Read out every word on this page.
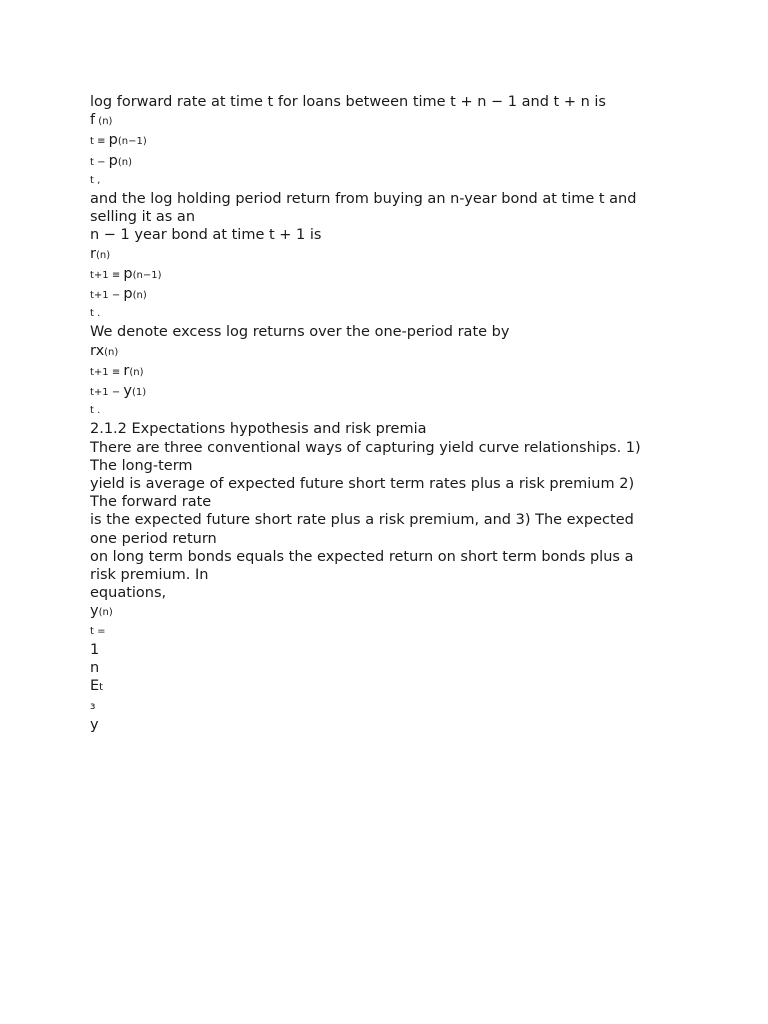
log forward rate at time t for loans between time t + n − 1 and t + n is
f (n)
t ≡ p(n−1)
t − p(n)
t ,
and the log holding period return from buying an n-year bond at time t and
selling it as an
n − 1 year bond at time t + 1 is
r(n)
t+1 ≡ p(n−1)
t+1 − p(n)
t .
We denote excess log returns over the one-period rate by
rx(n)
t+1 ≡ r(n)
t+1 − y(1)
t .
2.1.2 Expectations hypothesis and risk premia
There are three conventional ways of capturing yield curve relationships. 1)
The long-term
yield is average of expected future short term rates plus a risk premium 2)
The forward rate
is the expected future short rate plus a risk premium, and 3) The expected
one period return
on long term bonds equals the expected return on short term bonds plus a
risk premium. In
equations,
y(n)
t =
1
n
Et
з
y
